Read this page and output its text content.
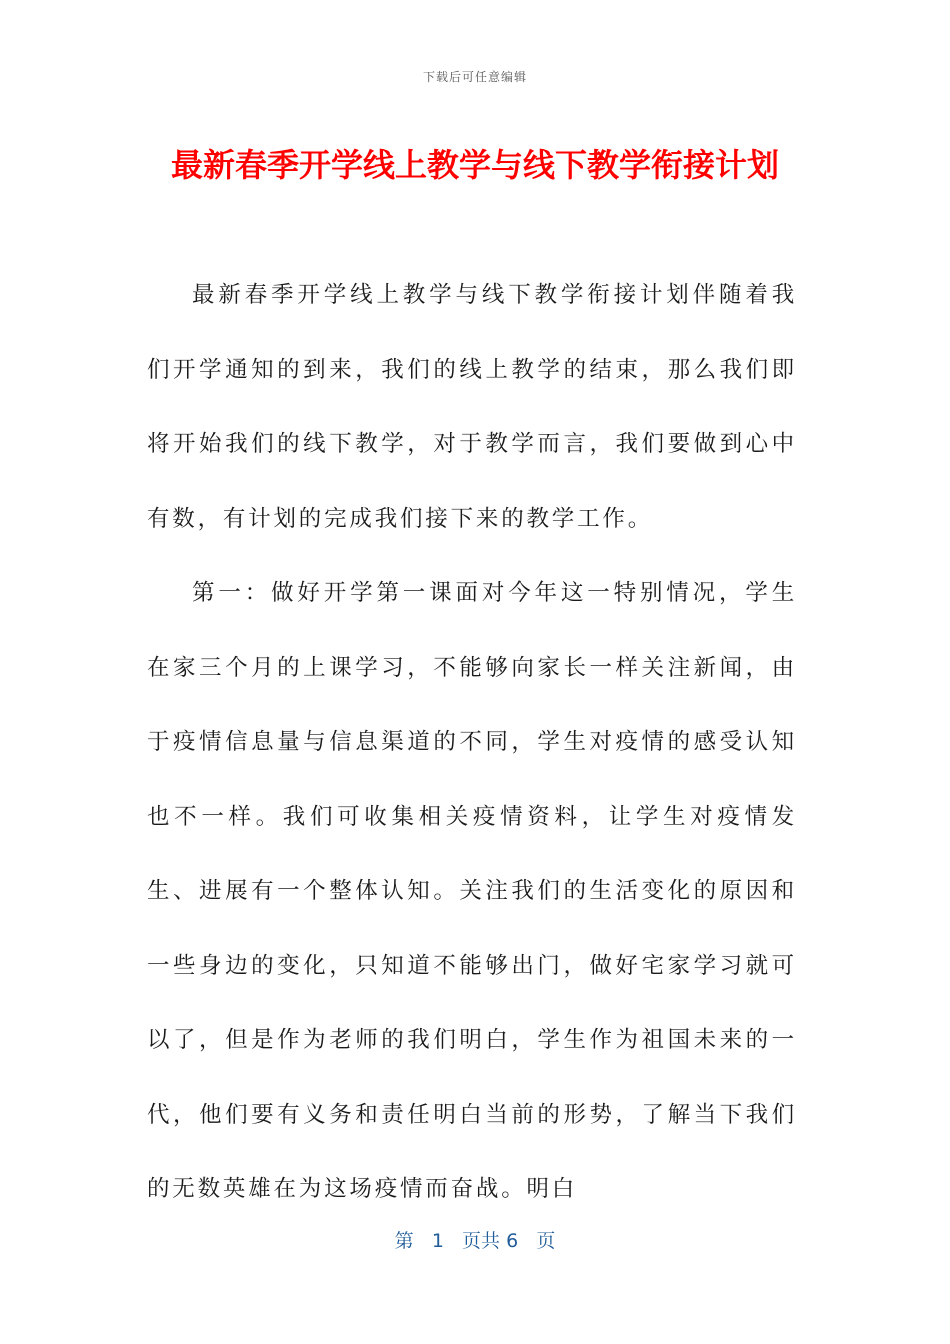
下载后可任意编辑
最新春季开学线上教学与线下教学衔接计划

最新春季开学线上教学与线下教学衔接计划伴随着我们开学通知的到来，我们的线上教学的结束，那么我们即将开始我们的线下教学，对于教学而言，我们要做到心中有数，有计划的完成我们接下来的教学工作。

第一：做好开学第一课面对今年这一特别情况，学生在家三个月的上课学习，不能够向家长一样关注新闻，由于疫情信息量与信息渠道的不同，学生对疫情的感受认知也不一样。我们可收集相关疫情资料，让学生对疫情发生、进展有一个整体认知。关注我们的生活变化的原因和一些身边的变化，只知道不能够出门，做好宅家学习就可以了，但是作为老师的我们明白，学生作为祖国未来的一代，他们要有义务和责任明白当前的形势，了解当下我们的无数英雄在为这场疫情而奋战。明白

第 1 页共 6 页
